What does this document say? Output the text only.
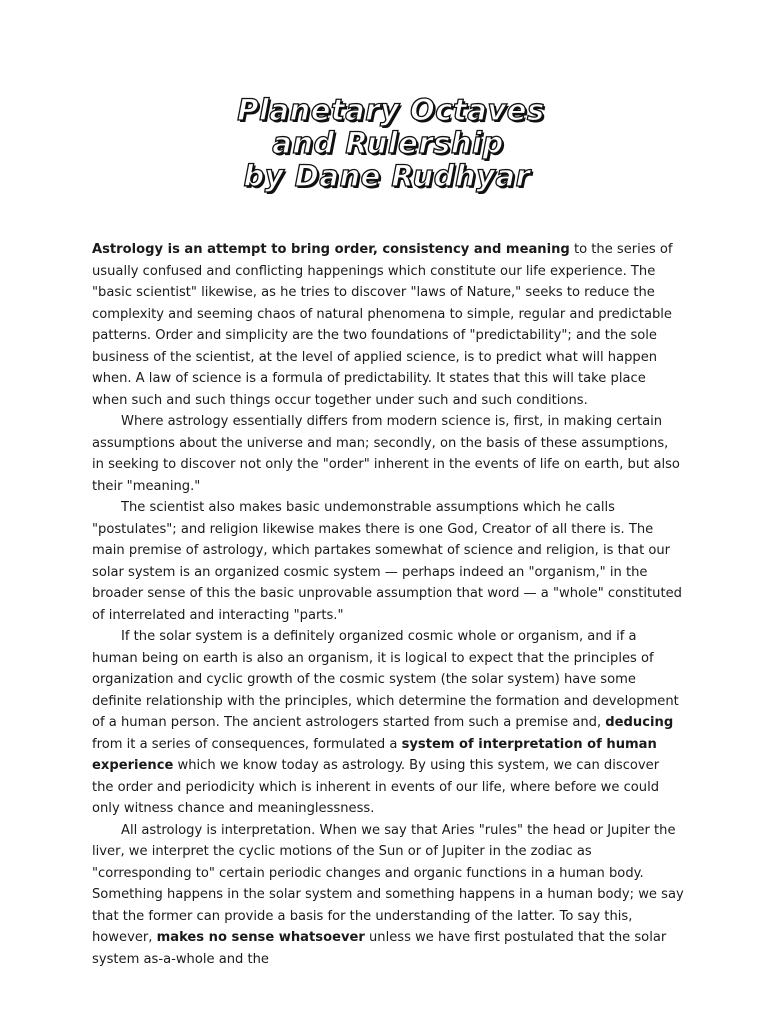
Planetary Octaves
and Rulership
by Dane Rudhyar

Astrology is an attempt to bring order, consistency and meaning to the series of usually confused and conflicting happenings which constitute our life experience. The "basic scientist" likewise, as he tries to discover "laws of Nature," seeks to reduce the complexity and seeming chaos of natural phenomena to simple, regular and predictable patterns. Order and simplicity are the two foundations of "predictability"; and the sole business of the scientist, at the level of applied science, is to predict what will happen when. A law of science is a formula of predictability. It states that this will take place when such and such things occur together under such and such conditions.

Where astrology essentially differs from modern science is, first, in making certain assumptions about the universe and man; secondly, on the basis of these assumptions, in seeking to discover not only the "order" inherent in the events of life on earth, but also their "meaning."

The scientist also makes basic undemonstrable assumptions which he calls "postulates"; and religion likewise makes there is one God, Creator of all there is. The main premise of astrology, which partakes somewhat of science and religion, is that our solar system is an organized cosmic system — perhaps indeed an "organism," in the broader sense of this the basic unprovable assumption that word — a "whole" constituted of interrelated and interacting "parts."

If the solar system is a definitely organized cosmic whole or organism, and if a human being on earth is also an organism, it is logical to expect that the principles of organization and cyclic growth of the cosmic system (the solar system) have some definite relationship with the principles, which determine the formation and development of a human person. The ancient astrologers started from such a premise and, deducing from it a series of consequences, formulated a system of interpretation of human experience which we know today as astrology. By using this system, we can discover the order and periodicity which is inherent in events of our life, where before we could only witness chance and meaninglessness.

All astrology is interpretation. When we say that Aries "rules" the head or Jupiter the liver, we interpret the cyclic motions of the Sun or of Jupiter in the zodiac as "corresponding to" certain periodic changes and organic functions in a human body. Something happens in the solar system and something happens in a human body; we say that the former can provide a basis for the understanding of the latter. To say this, however, makes no sense whatsoever unless we have first postulated that the solar system as-a-whole and the
